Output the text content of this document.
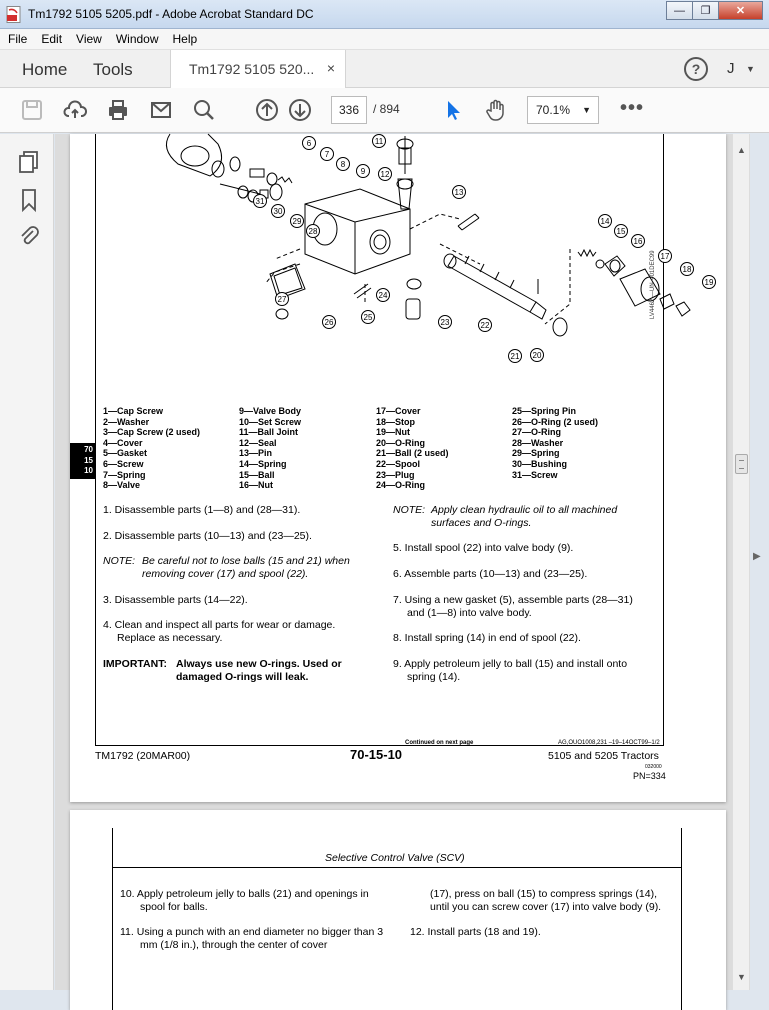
Tm1792 5105 5205.pdf - Adobe Acrobat Standard DC	—	❐	✕
File Edit View Window Help
Home Tools	Tm1792 5105 520... ×	?	J ▼
336	/ 894	70.1% ▼ •••
11
6
7
8
9 12
13
31
30
29
28
14
15
16
17
18
19
27	24
26
25
23	22
21 20
LV4462 —UN—01DEC99
1—Cap Screw
2—Washer
3—Cap Screw (2 used)
4—Cover
5—Gasket
6—Screw
7—Spring
8—Valve
9—Valve Body
10—Set Screw
11—Ball Joint
12—Seal
13—Pin
14—Spring
15—Ball
16—Nut
17—Cover
18—Stop
19—Nut
20—O-Ring
21—Ball (2 used)
22—Spool
23—Plug
24—O-Ring
25—Spring Pin
26—O-Ring (2 used)
27—O-Ring
28—Washer
29—Spring
30—Bushing
31—Screw
70
15
10
1. Disassemble parts (1—8) and (28—31).
2. Disassemble parts (10—13) and (23—25).
NOTE: Be careful not to lose balls (15 and 21) when removing cover (17) and spool (22).
3. Disassemble parts (14—22).
4. Clean and inspect all parts for wear or damage. Replace as necessary.
IMPORTANT: Always use new O-rings. Used or damaged O-rings will leak.
NOTE: Apply clean hydraulic oil to all machined surfaces and O-rings.
5. Install spool (22) into valve body (9).
6. Assemble parts (10—13) and (23—25).
7. Using a new gasket (5), assemble parts (28—31) and (1—8) into valve body.
8. Install spring (14) in end of spool (22).
9. Apply petroleum jelly to ball (15) and install onto spring (14).
Continued on next page	AG,OUO1008,231 –19–14OCT99–1/2
TM1792 (20MAR00)	70-15-10	5105 and 5205 Tractors
032000
PN=334
Selective Control Valve (SCV)
10. Apply petroleum jelly to balls (21) and openings in spool for balls.
11. Using a punch with an end diameter no bigger than 3 mm (1/8 in.), through the center of cover
(17), press on ball (15) to compress springs (14), until you can screw cover (17) into valve body (9).
12. Install parts (18 and 19).
▶
▲
▼
